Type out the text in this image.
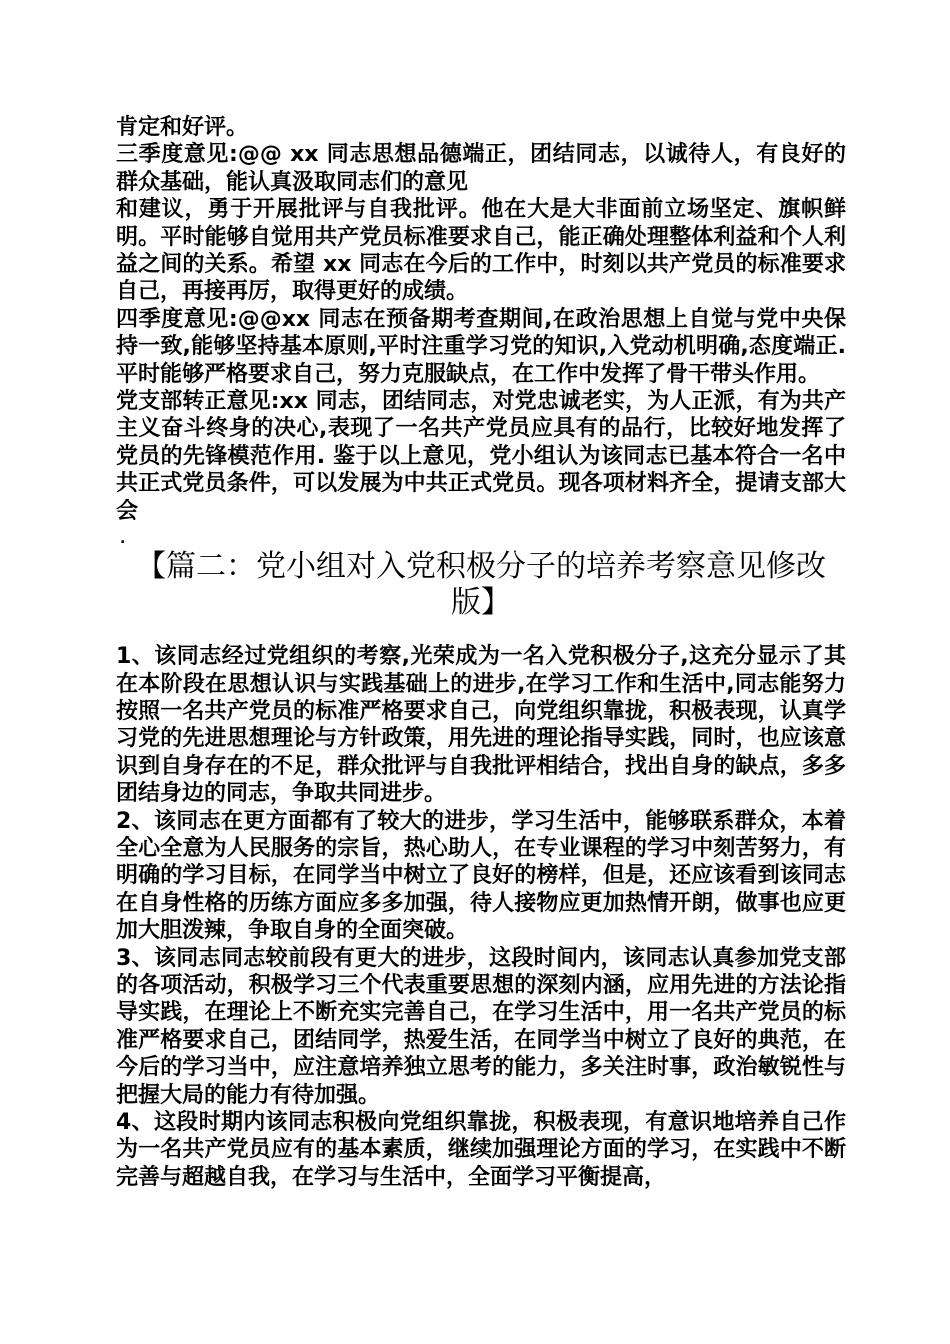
肯定和好评。

三季度意见:@@ xx 同志思想品德端正，团结同志，以诚待人，有良好的群众基础，能认真汲取同志们的意见

和建议，勇于开展批评与自我批评。他在大是大非面前立场坚定、旗帜鲜明。平时能够自觉用共产党员标准要求自己，能正确处理整体利益和个人利益之间的关系。希望 xx 同志在今后的工作中，时刻以共产党员的标准要求自己，再接再厉，取得更好的成绩。

四季度意见:@@xx 同志在预备期考查期间,在政治思想上自觉与党中央保持一致,能够坚持基本原则,平时注重学习党的知识,入党动机明确,态度端正.平时能够严格要求自己，努力克服缺点，在工作中发挥了骨干带头作用。

党支部转正意见:xx 同志，团结同志，对党忠诚老实，为人正派，有为共产主义奋斗终身的决心,表现了一名共产党员应具有的品行，比较好地发挥了党员的先锋模范作用. 鉴于以上意见，党小组认为该同志已基本符合一名中共正式党员条件，可以发展为中共正式党员。现各项材料齐全，提请支部大会

.

【篇二：党小组对入党积极分子的培养考察意见修改版】

1、该同志经过党组织的考察,光荣成为一名入党积极分子,这充分显示了其在本阶段在思想认识与实践基础上的进步,在学习工作和生活中,同志能努力按照一名共产党员的标准严格要求自己，向党组织靠拢，积极表现，认真学习党的先进思想理论与方针政策，用先进的理论指导实践，同时，也应该意识到自身存在的不足，群众批评与自我批评相结合，找出自身的缺点，多多团结身边的同志，争取共同进步。

2、该同志在更方面都有了较大的进步，学习生活中，能够联系群众，本着全心全意为人民服务的宗旨，热心助人，在专业课程的学习中刻苦努力，有明确的学习目标，在同学当中树立了良好的榜样，但是，还应该看到该同志在自身性格的历练方面应多多加强，待人接物应更加热情开朗，做事也应更加大胆泼辣，争取自身的全面突破。

3、该同志同志较前段有更大的进步，这段时间内，该同志认真参加党支部的各项活动，积极学习三个代表重要思想的深刻内涵，应用先进的方法论指导实践，在理论上不断充实完善自己，在学习生活中，用一名共产党员的标准严格要求自己，团结同学，热爱生活，在同学当中树立了良好的典范，在今后的学习当中，应注意培养独立思考的能力，多关注时事，政治敏锐性与把握大局的能力有待加强。

4、这段时期内该同志积极向党组织靠拢，积极表现，有意识地培养自己作为一名共产党员应有的基本素质，继续加强理论方面的学习，在实践中不断完善与超越自我，在学习与生活中，全面学习平衡提高，
